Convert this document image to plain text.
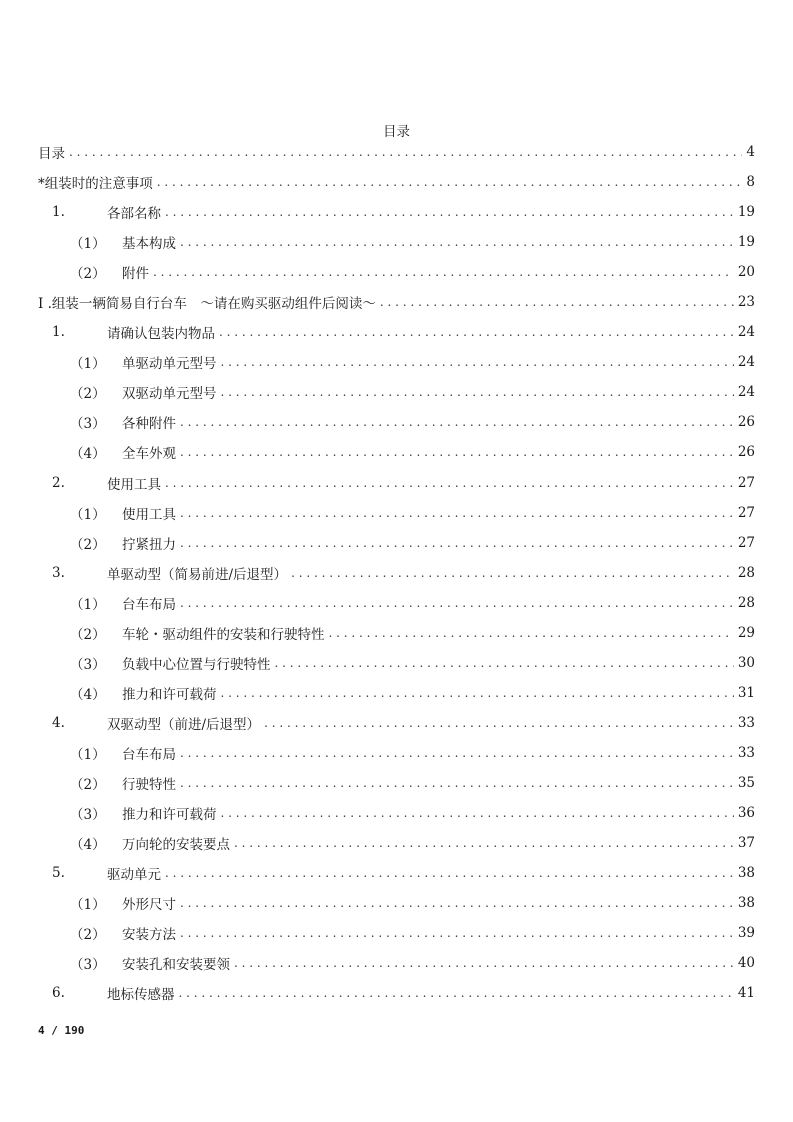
目录
目录 . . .	4
*组装时的注意事项 . . .	8
1.	各部名称 . . .	19
（1）	基本构成 . . .	19
（2）	附件 . . .	20
I .组装一辆简易自行台车　～请在购买驱动组件后阅读～ . . .	23
1.	请确认包装内物品 . . .	24
（1）	单驱动单元型号 . . .	24
（2）	双驱动单元型号 . . .	24
（3）	各种附件 . . .	26
（4）	全车外观 . . .	26
2.	使用工具 . . .	27
（1）	使用工具 . . .	27
（2）	拧紧扭力 . . .	27
3.	单驱动型（简易前进/后退型） . . .	28
（1）	台车布局 . . .	28
（2）	车轮・驱动组件的安装和行驶特性 . . .	29
（3）	负载中心位置与行驶特性 . . .	30
（4）	推力和许可载荷 . . .	31
4.	双驱动型（前进/后退型） . . .	33
（1）	台车布局 . . .	33
（2）	行驶特性 . . .	35
（3）	推力和许可载荷 . . .	36
（4）	万向轮的安装要点 . . .	37
5.	驱动单元 . . .	38
（1）	外形尺寸 . . .	38
（2）	安装方法 . . .	39
（3）	安装孔和安装要领 . . .	40
6.	地标传感器 . . .	41
4 / 190
